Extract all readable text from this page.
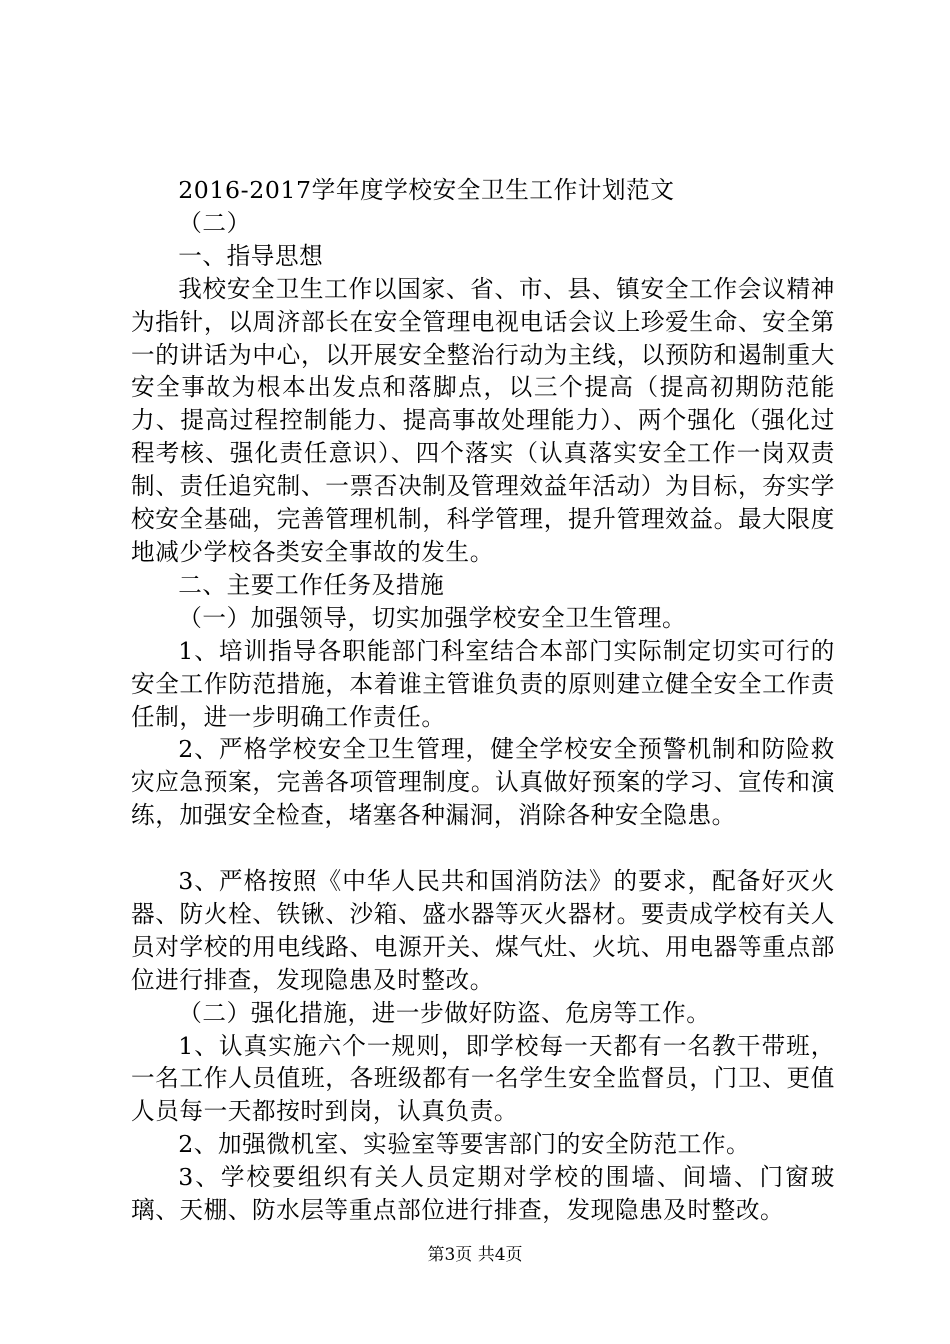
2016-2017学年度学校安全卫生工作计划范文

（二）

一、指导思想

我校安全卫生工作以国家、省、市、县、镇安全工作会议精神为指针，以周济部长在安全管理电视电话会议上珍爱生命、安全第一的讲话为中心，以开展安全整治行动为主线，以预防和遏制重大安全事故为根本出发点和落脚点，以三个提高（提高初期防范能力、提高过程控制能力、提高事故处理能力）、两个强化（强化过程考核、强化责任意识）、四个落实（认真落实安全工作一岗双责制、责任追究制、一票否决制及管理效益年活动）为目标，夯实学校安全基础，完善管理机制，科学管理，提升管理效益。最大限度地减少学校各类安全事故的发生。

二、主要工作任务及措施

（一）加强领导，切实加强学校安全卫生管理。

1、培训指导各职能部门科室结合本部门实际制定切实可行的安全工作防范措施，本着谁主管谁负责的原则建立健全安全工作责任制，进一步明确工作责任。

2、严格学校安全卫生管理，健全学校安全预警机制和防险救灾应急预案，完善各项管理制度。认真做好预案的学习、宣传和演练，加强安全检查，堵塞各种漏洞，消除各种安全隐患。

3、严格按照《中华人民共和国消防法》的要求，配备好灭火器、防火栓、铁锹、沙箱、盛水器等灭火器材。要责成学校有关人员对学校的用电线路、电源开关、煤气灶、火坑、用电器等重点部位进行排查，发现隐患及时整改。

（二）强化措施，进一步做好防盗、危房等工作。

1、认真实施六个一规则，即学校每一天都有一名教干带班，一名工作人员值班，各班级都有一名学生安全监督员，门卫、更值人员每一天都按时到岗，认真负责。

2、加强微机室、实验室等要害部门的安全防范工作。

3、学校要组织有关人员定期对学校的围墙、间墙、门窗玻璃、天棚、防水层等重点部位进行排查，发现隐患及时整改。

第3页 共4页
